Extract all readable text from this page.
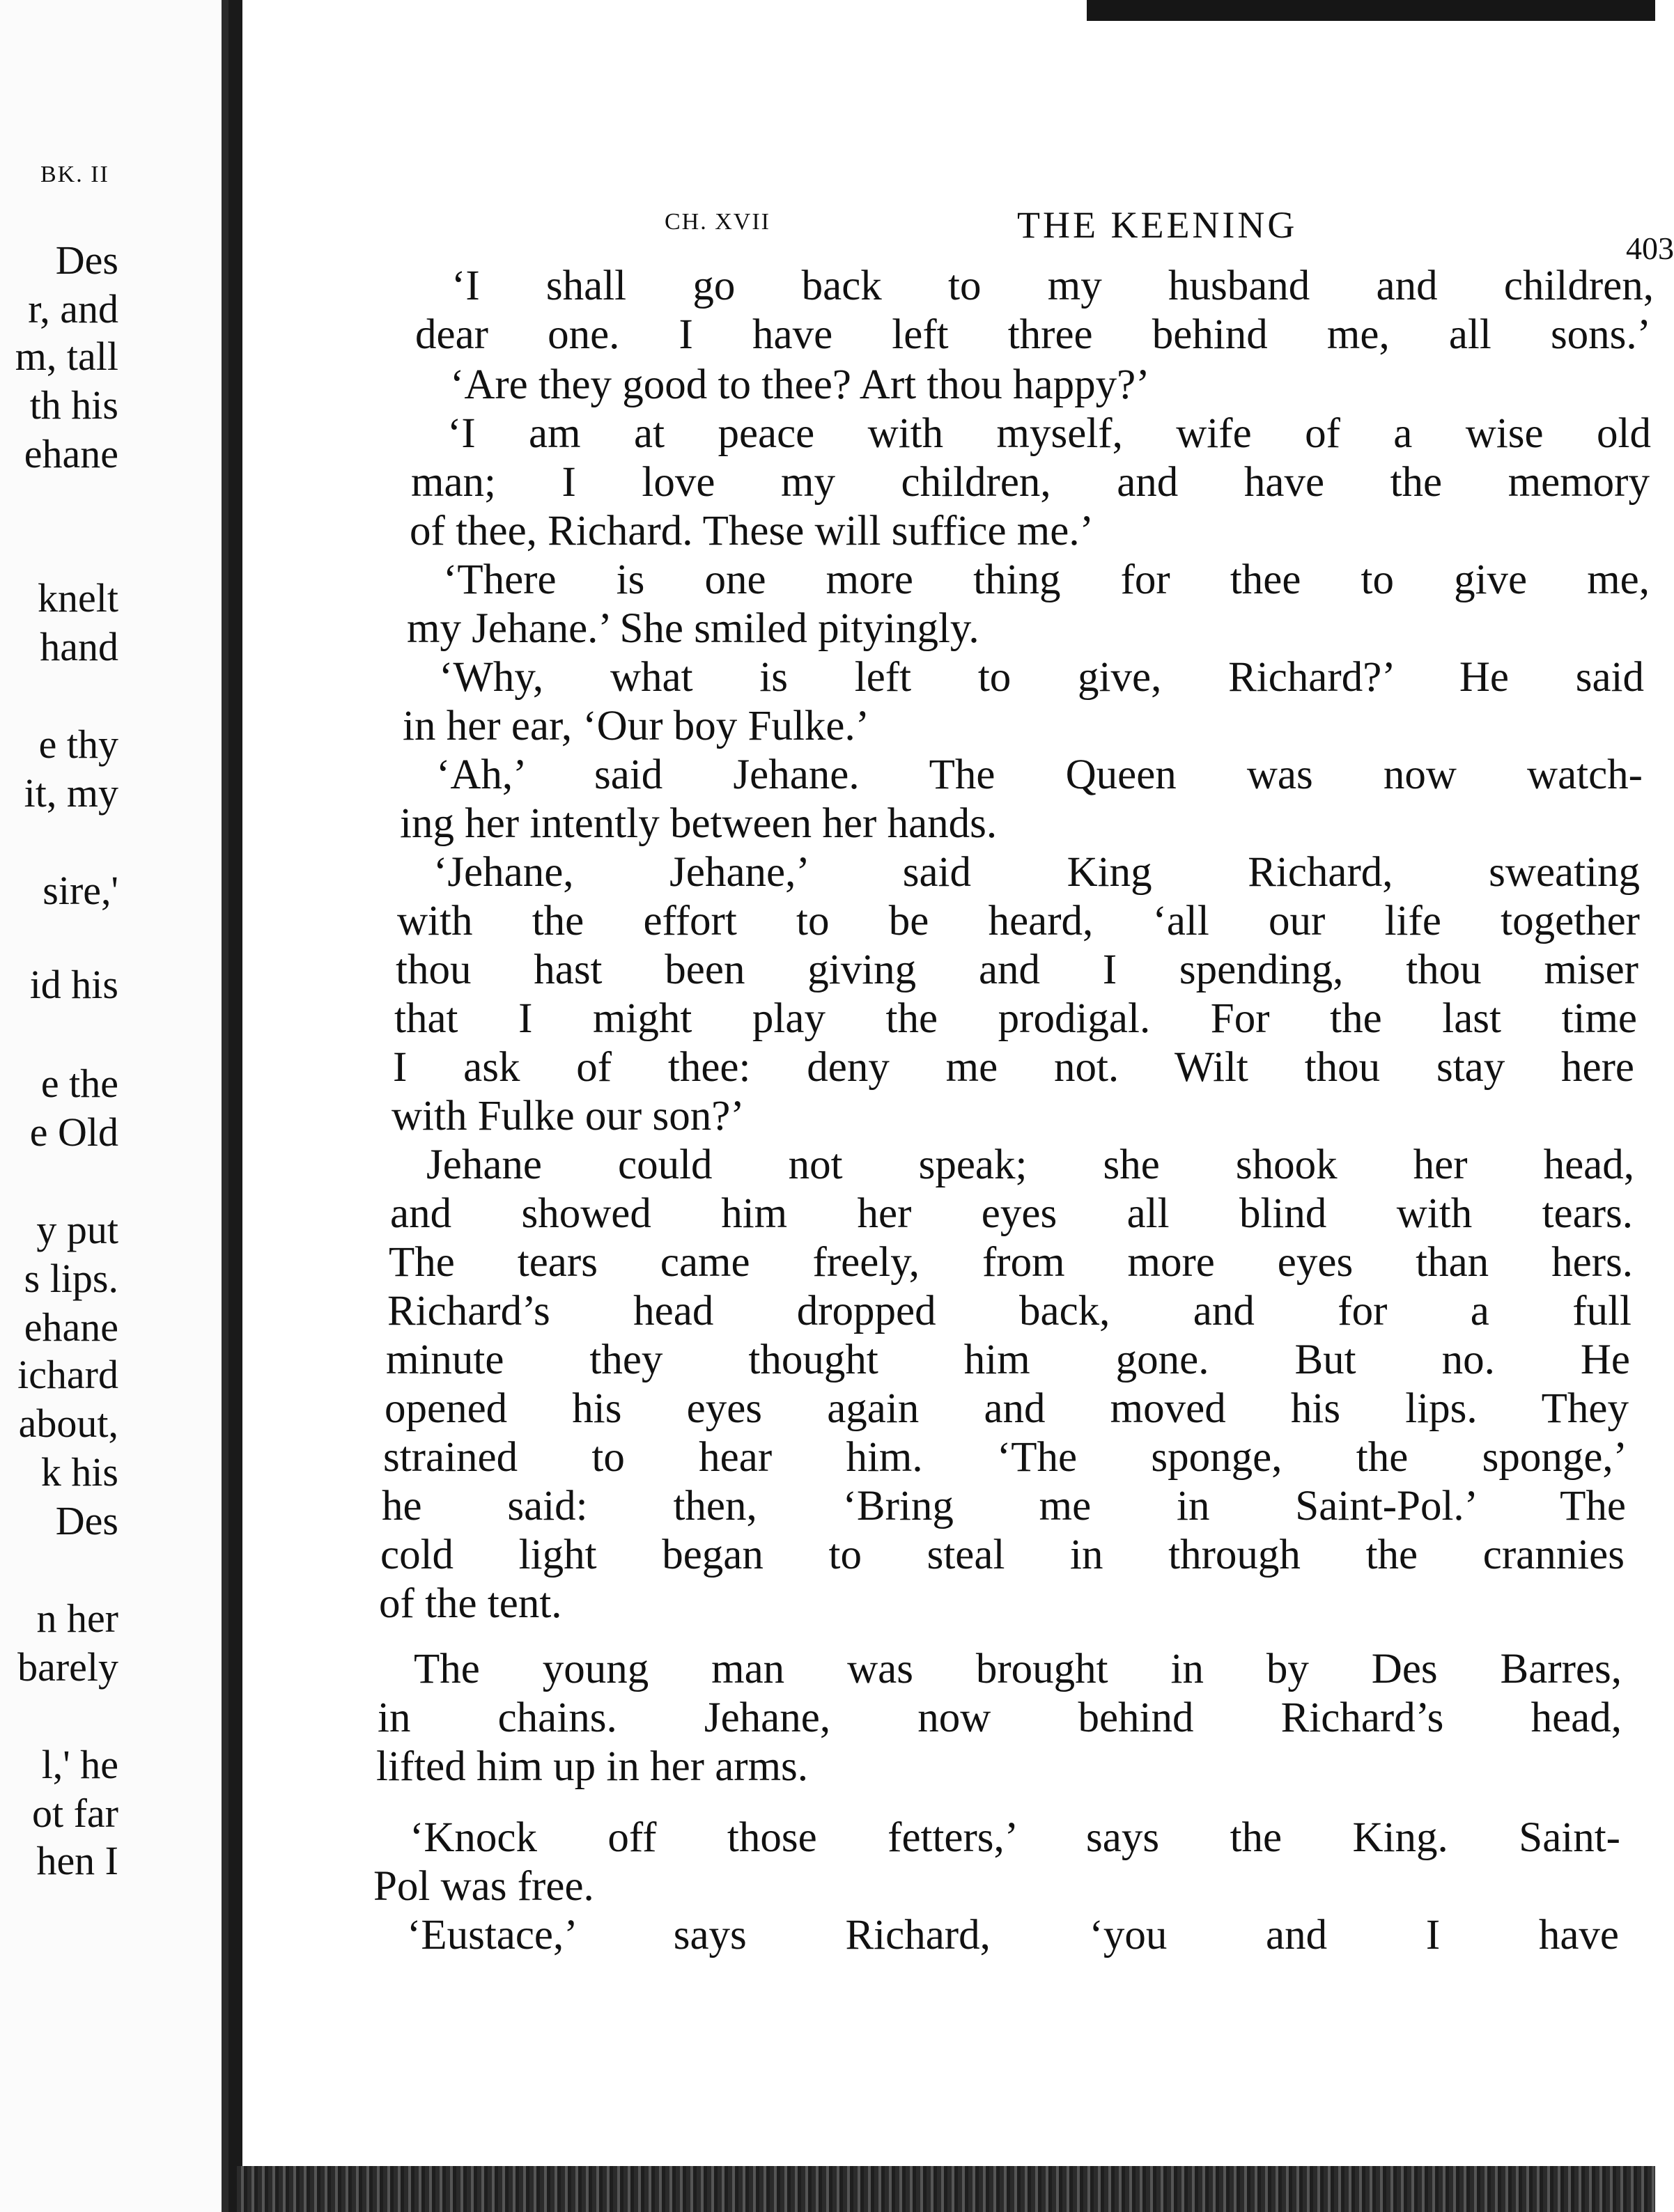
BK. II
Des
r, and
m, tall
th his
ehane
knelt
hand
e thy
it, my
sire,'
id his
e the
e Old
y put
s lips.
ehane
ichard
about,
k his
Des
n her
barely
l,' he
ot far
hen I
CH. XVII	THE KEENING
403
‘I shall go back to my husband and children,
dear one. I have left three behind me, all sons.’
‘Are they good to thee? Art thou happy?’
‘I am at peace with myself, wife of a wise old
man; I love my children, and have the memory
of thee, Richard. These will suffice me.’
‘There is one more thing for thee to give me,
my Jehane.’ She smiled pityingly.
‘Why, what is left to give, Richard?’ He said
in her ear, ‘Our boy Fulke.’
‘Ah,’ said Jehane. The Queen was now watch-
ing her intently between her hands.
‘Jehane, Jehane,’ said King Richard, sweating
with the effort to be heard, ‘all our life together
thou hast been giving and I spending, thou miser
that I might play the prodigal. For the last time
I ask of thee: deny me not. Wilt thou stay here
with Fulke our son?’
Jehane could not speak; she shook her head,
and showed him her eyes all blind with tears.
The tears came freely, from more eyes than hers.
Richard’s head dropped back, and for a full
minute they thought him gone. But no. He
opened his eyes again and moved his lips. They
strained to hear him. ‘The sponge, the sponge,’
he said: then, ‘Bring me in Saint-Pol.’ The
cold light began to steal in through the crannies
of the tent.
The young man was brought in by Des Barres,
in chains. Jehane, now behind Richard’s head,
lifted him up in her arms.
‘Knock off those fetters,’ says the King. Saint-
Pol was free.
‘Eustace,’ says Richard, ‘you and I have
